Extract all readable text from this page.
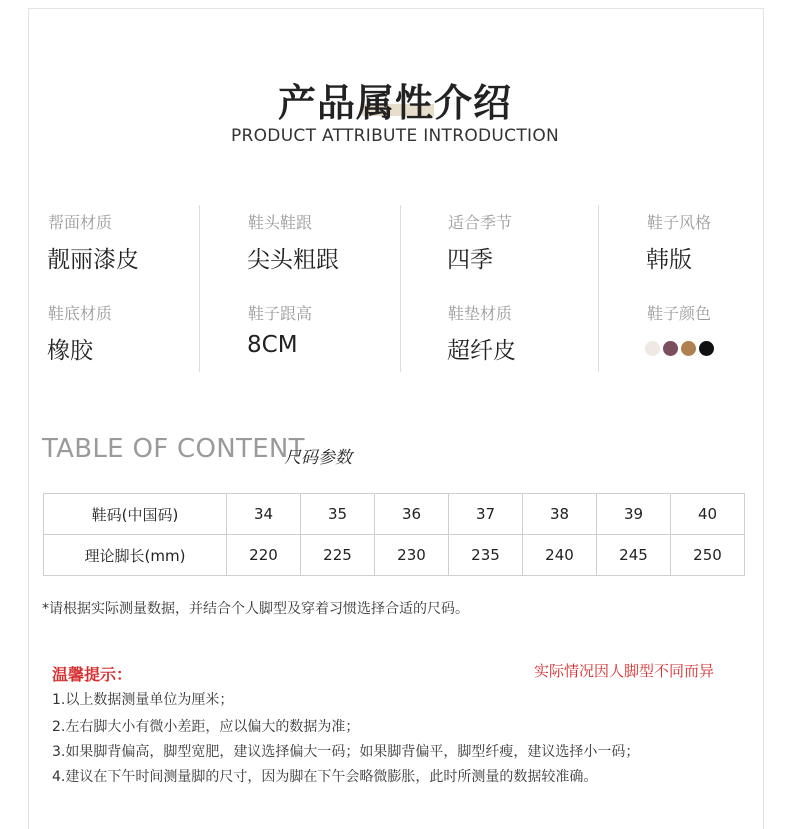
产品属性介绍
PRODUCT ATTRIBUTE INTRODUCTION
帮面材质
靓丽漆皮
鞋底材质
橡胶
鞋头鞋跟
尖头粗跟
鞋子跟高
8CM
适合季节
四季
鞋垫材质
超纤皮
鞋子风格
韩版
鞋子颜色
TABLE OF CONTENT
尺码参数
鞋码(中国码)	34	35	36	37	38	39	40
理论脚长(mm)	220	225	230	235	240	245	250
*请根据实际测量数据，并结合个人脚型及穿着习惯选择合适的尺码。
温馨提示：	实际情况因人脚型不同而异
1.以上数据测量单位为厘米；
2.左右脚大小有微小差距，应以偏大的数据为准；
3.如果脚背偏高，脚型宽肥，建议选择偏大一码；如果脚背偏平，脚型纤瘦，建议选择小一码；
4.建议在下午时间测量脚的尺寸，因为脚在下午会略微膨胀，此时所测量的数据较准确。
